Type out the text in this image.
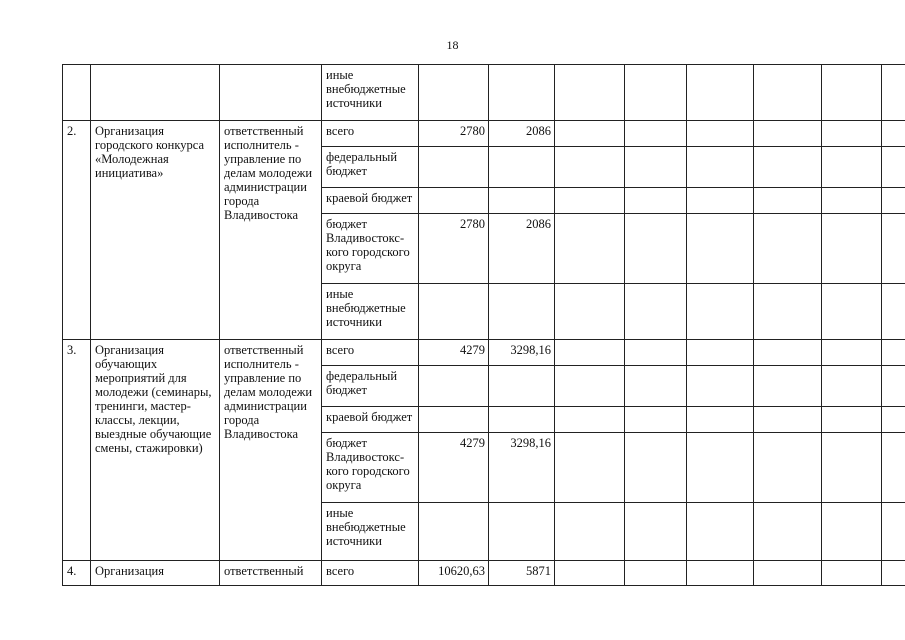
18
			иные внебюджетные источники								
2.	Организация городского конкурса «Молодежная инициатива»	ответственный исполнитель - управление по делам молодежи администрации города Владивостока	всего	2780	2086						
			федеральный бюджет								
			краевой бюджет								
			бюджет Владивостокс-кого городского округа	2780	2086						
			иные внебюджетные источники								
3.	Организация обучающих мероприятий для молодежи (семинары, тренинги, мастер-классы, лекции, выездные обучающие смены, стажировки)	ответственный исполнитель - управление по делам молодежи администрации города Владивостока	всего	4279	3298,16						
			федеральный бюджет								
			краевой бюджет								
			бюджет Владивостокс-кого городского округа	4279	3298,16						
			иные внебюджетные источники								
4.	Организация	ответственный	всего	10620,63	5871						
